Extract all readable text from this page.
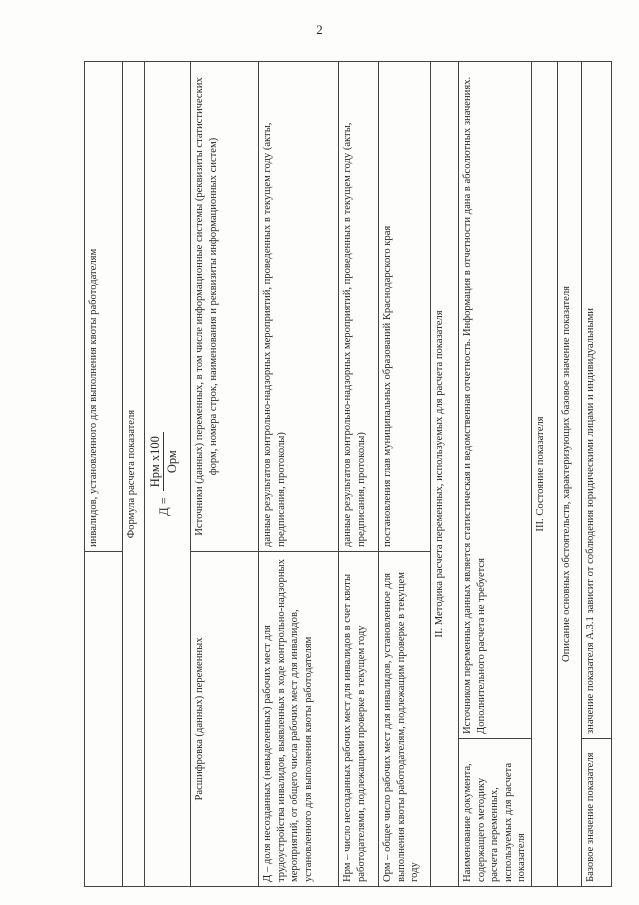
2
		инвалидов, установленного для выполнения квоты работодателям
Формула расчета показателя		

Д =
Нрм х100 Орм		

Расшифровка (данных) переменных		Источники (данных) переменных, в том числе информационные системы (реквизиты статистических форм, номера строк, наименования и реквизиты информационных систем)
Д – доля несозданных (невыделенных) рабочих мест для трудоустройства инвалидов, выявленных в ходе контрольно-надзорных мероприятий, от общего числа рабочих мест для инвалидов, установленного для выполнения квоты работодателям		данные результатов контрольно-надзорных мероприятий, проведенных в текущем году (акты, предписания, протоколы)
Нрм – число несозданных рабочих мест для инвалидов в счет квоты работодателями, подлежащими проверке в текущем году		данные результатов контрольно-надзорных мероприятий, проведенных в текущем году (акты, предписания, протоколы)
Орм – общее число рабочих мест для инвалидов, установленное для выполнения квоты работодателям, подлежащим проверке в текущем году		постановления глав муниципальных образований Краснодарского края
II. Методика расчета переменных, используемых для расчета показателя		
Наименование документа, содержащего методику расчета переменных, используемых для расчета показателя	Источником переменных данных является статистическая и ведомственная отчетность. Информация в отчетности дана в абсолютных значениях. Дополнительного расчета не требуется	
III. Состояние показателя		
Описание основных обстоятельств, характеризующих базовое значение показателя		
Базовое значение показателя	значение показателя А.3.1 зависит от соблюдения юридическими лицами и индивидуальными	
